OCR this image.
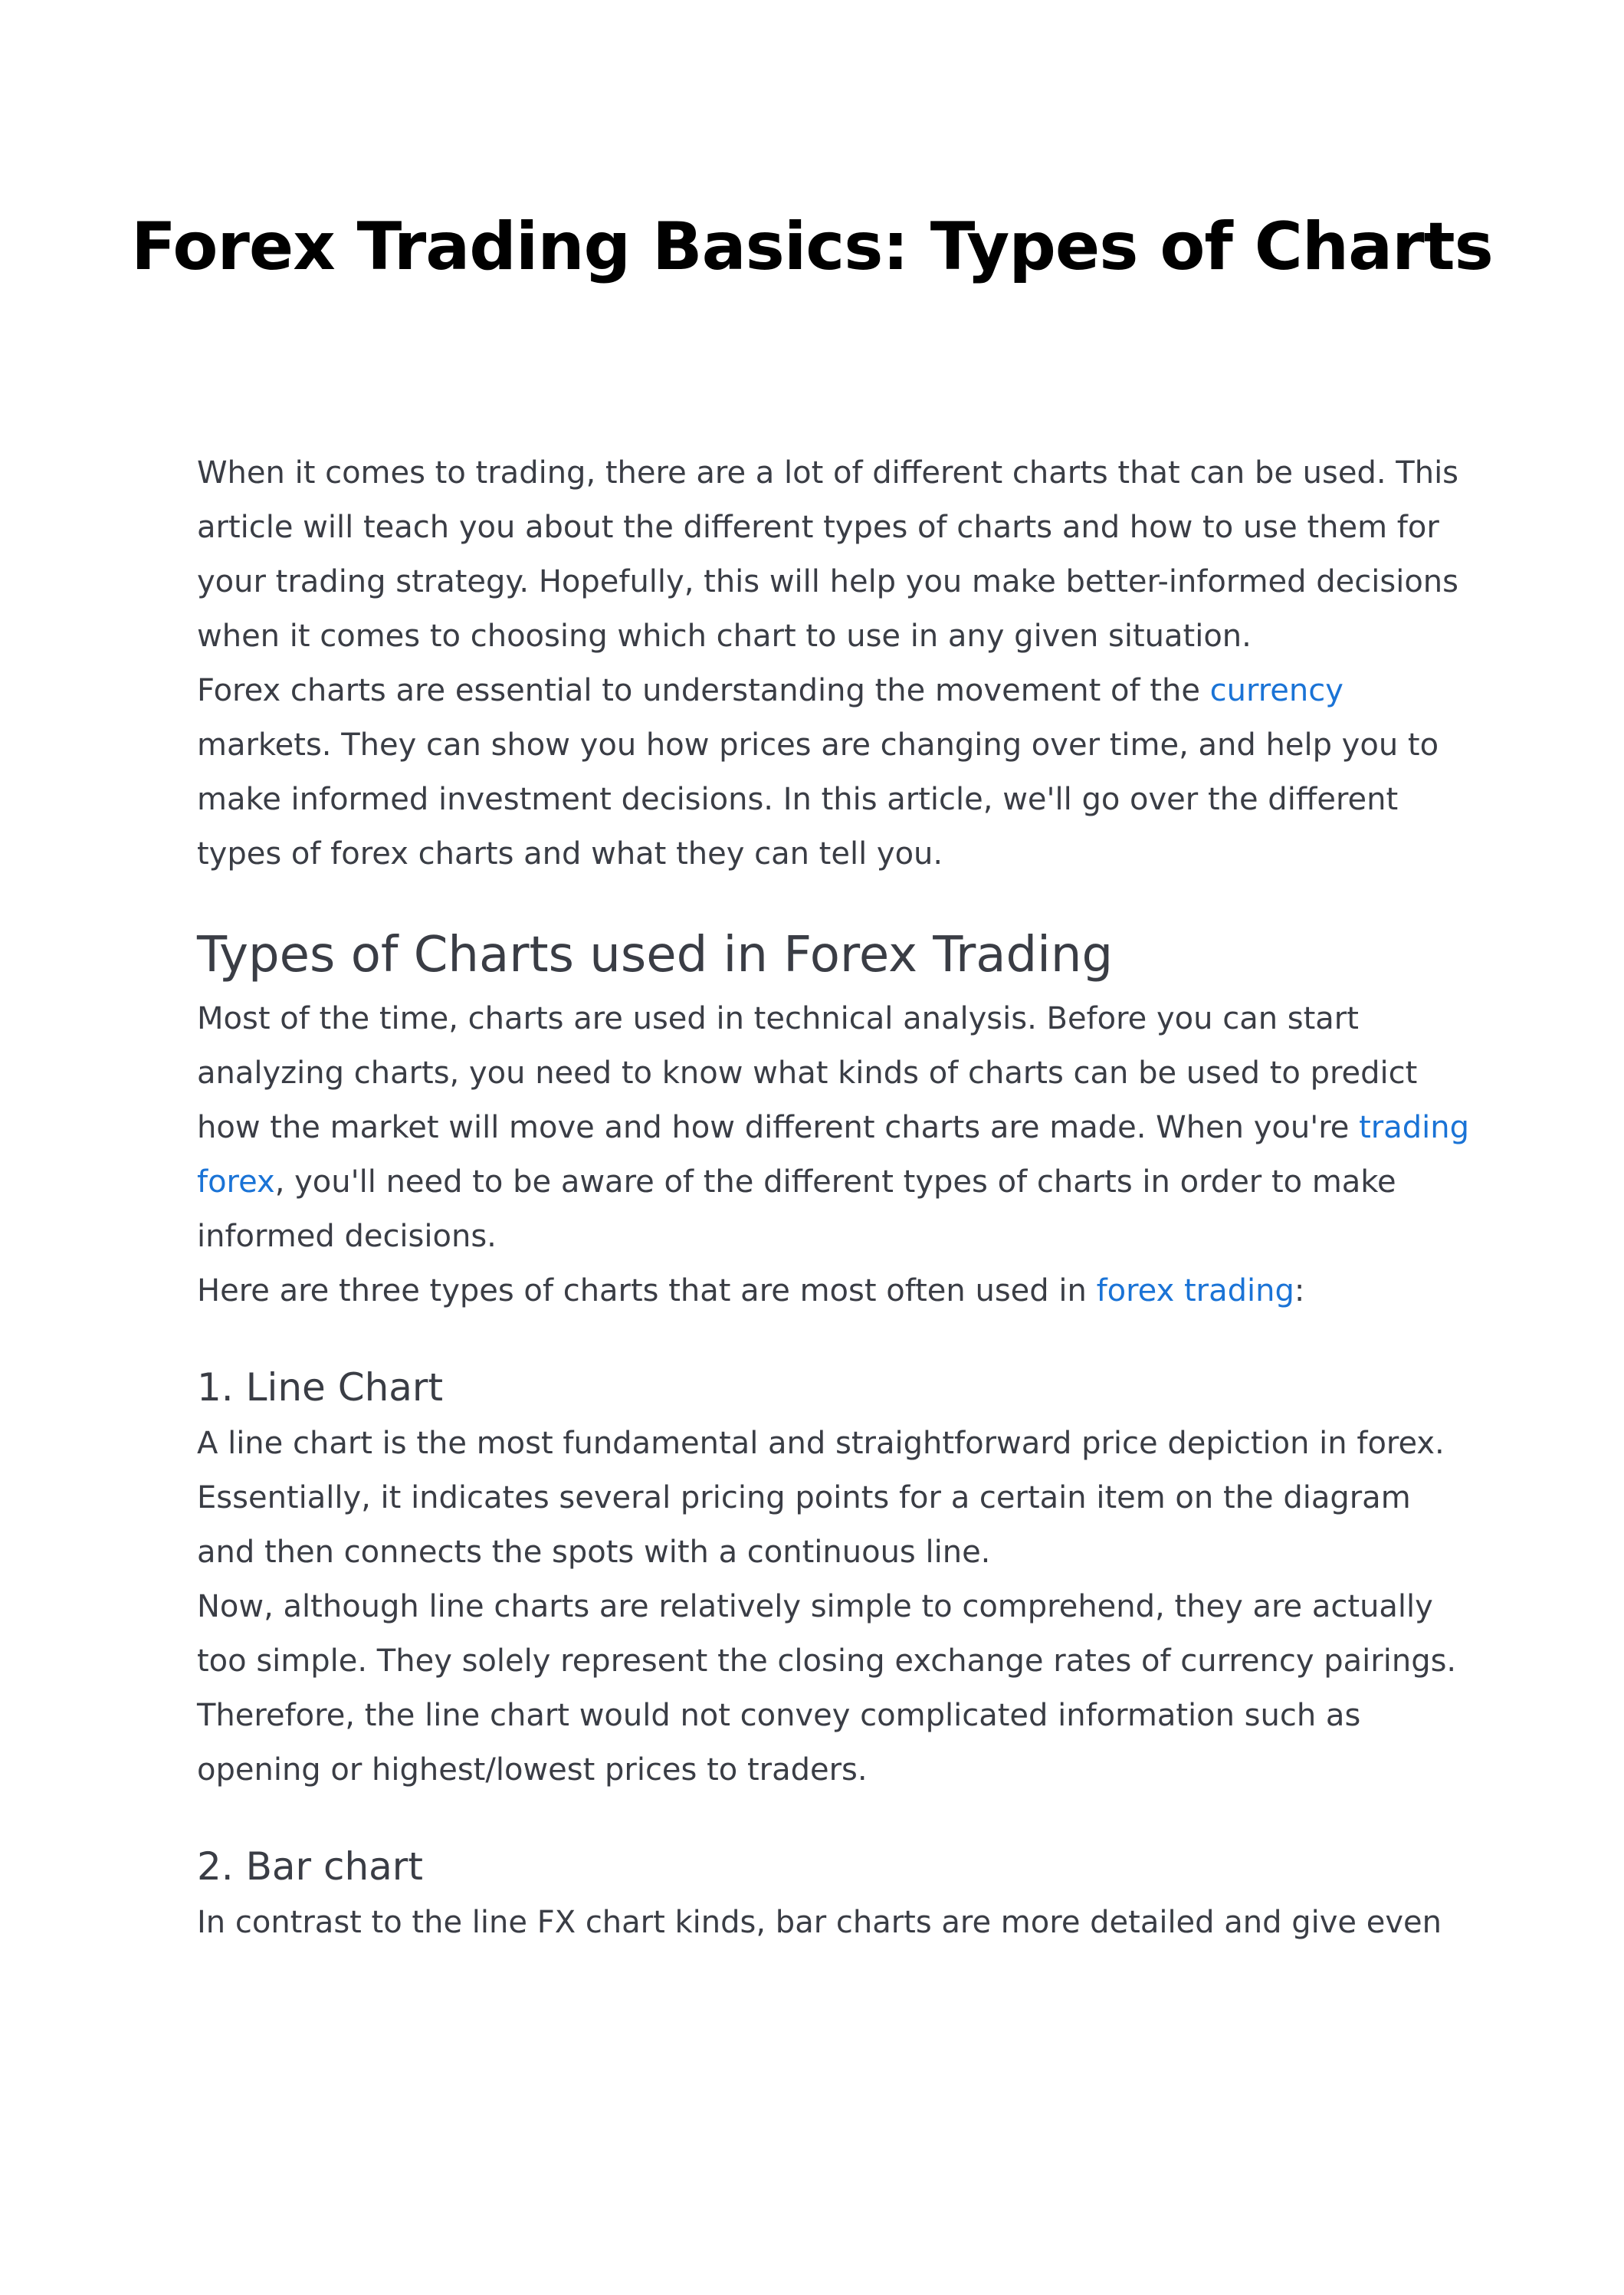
Forex Trading Basics: Types of Charts

When it comes to trading, there are a lot of different charts that can be used. This article will teach you about the different types of charts and how to use them for your trading strategy. Hopefully, this will help you make better-informed decisions when it comes to choosing which chart to use in any given situation.

Forex charts are essential to understanding the movement of the currency markets. They can show you how prices are changing over time, and help you to make informed investment decisions. In this article, we'll go over the different types of forex charts and what they can tell you.

Types of Charts used in Forex Trading

Most of the time, charts are used in technical analysis. Before you can start analyzing charts, you need to know what kinds of charts can be used to predict how the market will move and how different charts are made. When you're trading forex, you'll need to be aware of the different types of charts in order to make informed decisions.

Here are three types of charts that are most often used in forex trading:

1. Line Chart

A line chart is the most fundamental and straightforward price depiction in forex. Essentially, it indicates several pricing points for a certain item on the diagram and then connects the spots with a continuous line.

Now, although line charts are relatively simple to comprehend, they are actually too simple. They solely represent the closing exchange rates of currency pairings. Therefore, the line chart would not convey complicated information such as opening or highest/lowest prices to traders.

2. Bar chart

In contrast to the line FX chart kinds, bar charts are more detailed and give even
